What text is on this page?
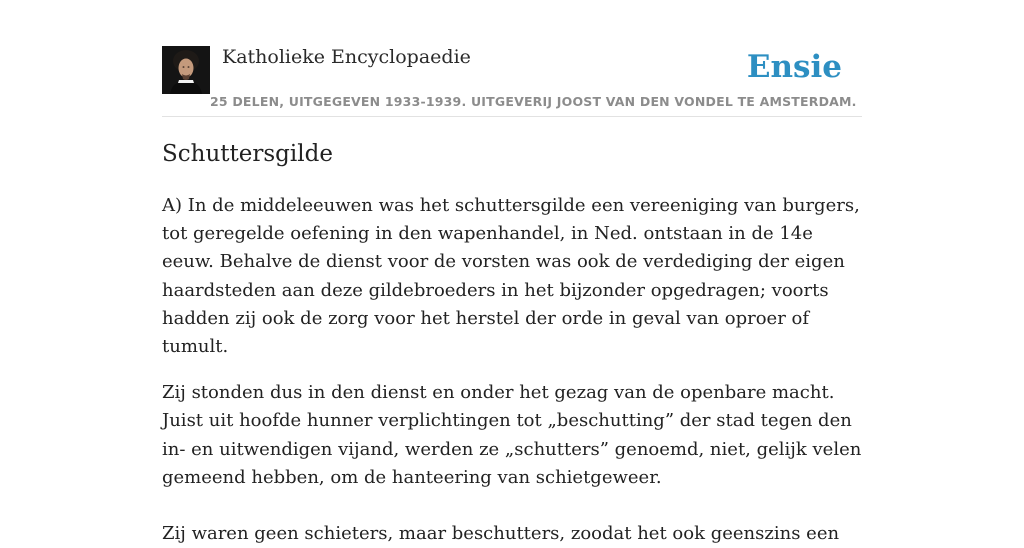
Katholieke Encyclopaedie	Ensie
25 DELEN, UITGEGEVEN 1933-1939. UITGEVERIJ JOOST VAN DEN VONDEL TE AMSTERDAM.
Schuttersgilde

A) In de middeleeuwen was het schuttersgilde een vereeniging van burgers, tot geregelde oefening in den wapenhandel, in Ned. ontstaan in de 14e eeuw. Behalve de dienst voor de vorsten was ook de verdediging der eigen haardsteden aan deze gildebroeders in het bijzonder opgedragen; voorts hadden zij ook de zorg voor het herstel der orde in geval van oproer of tumult.

Zij stonden dus in den dienst en onder het gezag van de openbare macht. Juist uit hoofde hunner verplichtingen tot „beschutting” der stad tegen den in- en uitwendigen vijand, werden ze „schutters” genoemd, niet, gelijk velen gemeend hebben, om de hanteering van schietgeweer.

Zij waren geen schieters, maar beschutters, zoodat het ook geenszins een
